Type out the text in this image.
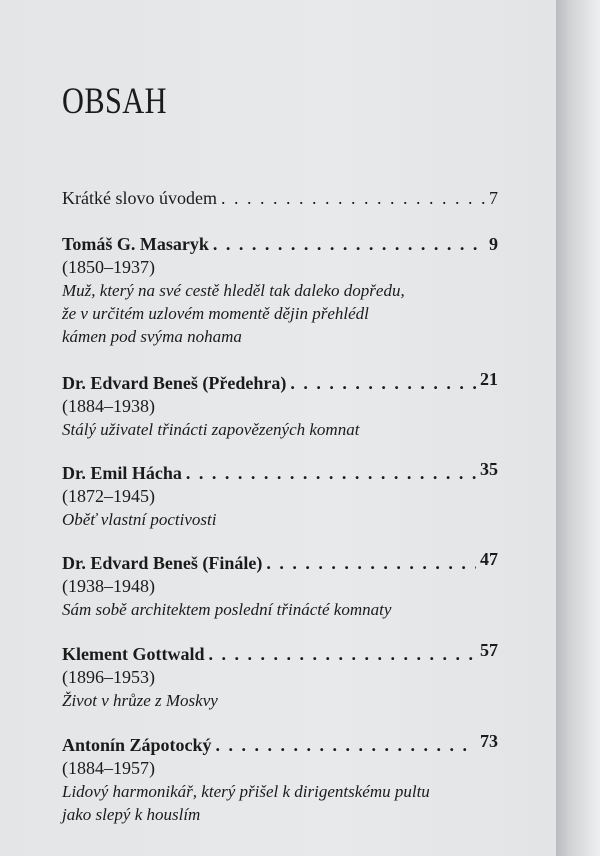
OBSAH
Krátké slovo úvodem . . .	7
Tomáš G. Masaryk . . .	9
(1850–1937)
Muž, který na své cestě hleděl tak daleko dopředu,
že v určitém uzlovém momentě dějin přehlédl
kámen pod svýma nohama
Dr. Edvard Beneš (Předehra) . . .	21
(1884–1938)
Stálý uživatel třinácti zapovězených komnat
Dr. Emil Hácha . . .	35
(1872–1945)
Oběť vlastní poctivosti
Dr. Edvard Beneš (Finále) . . .	47
(1938–1948)
Sám sobě architektem poslední třinácté komnaty
Klement Gottwald . . .	57
(1896–1953)
Život v hrůze z Moskvy
Antonín Zápotocký . . .	73
(1884–1957)
Lidový harmonikář, který přišel k dirigentskému pultu
jako slepý k houslím
